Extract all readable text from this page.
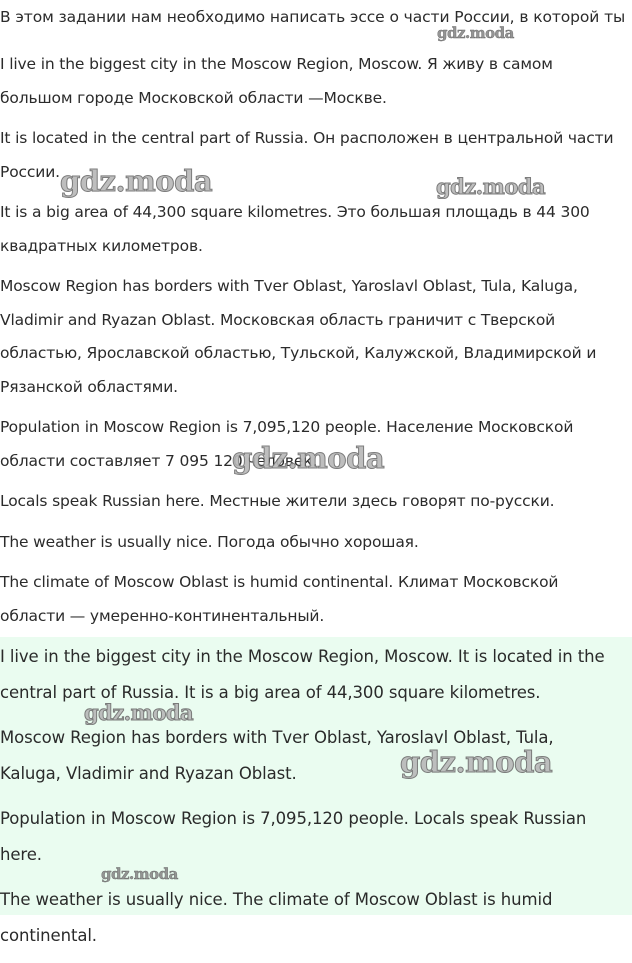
В этом задании нам необходимо написать эссе о части России, в которой ты

I live in the biggest city in the Moscow Region, Moscow. Я живу в самом большом городе Московской области —Москве.

It is located in the central part of Russia. Он расположен в центральной части России.

It is a big area of 44,300 square kilometres. Это большая площадь в 44 300 квадратных километров.

Moscow Region has borders with Tver Oblast, Yaroslavl Oblast, Tula, Kaluga, Vladimir and Ryazan Oblast. Московская область граничит с Тверской областью, Ярославской областью, Тульской, Калужской, Владимирской и Рязанской областями.

Population in Moscow Region is 7,095,120 people. Население Московской области составляет 7 095 120 человек.

Locals speak Russian here. Местные жители здесь говорят по-русски.

The weather is usually nice. Погода обычно хорошая.

The climate of Moscow Oblast is humid continental. Климат Московской области — умеренно-континентальный.

I live in the biggest city in the Moscow Region, Moscow. It is located in the central part of Russia. It is a big area of 44,300 square kilometres.

Moscow Region has borders with Tver Oblast, Yaroslavl Oblast, Tula, Kaluga, Vladimir and Ryazan Oblast.

Population in Moscow Region is 7,095,120 people. Locals speak Russian here.

The weather is usually nice. The climate of Moscow Oblast is humid continental.

gdz.moda
gdz.moda	gdz.moda
gdz.moda
gdz.moda
gdz.moda
gdz.moda
